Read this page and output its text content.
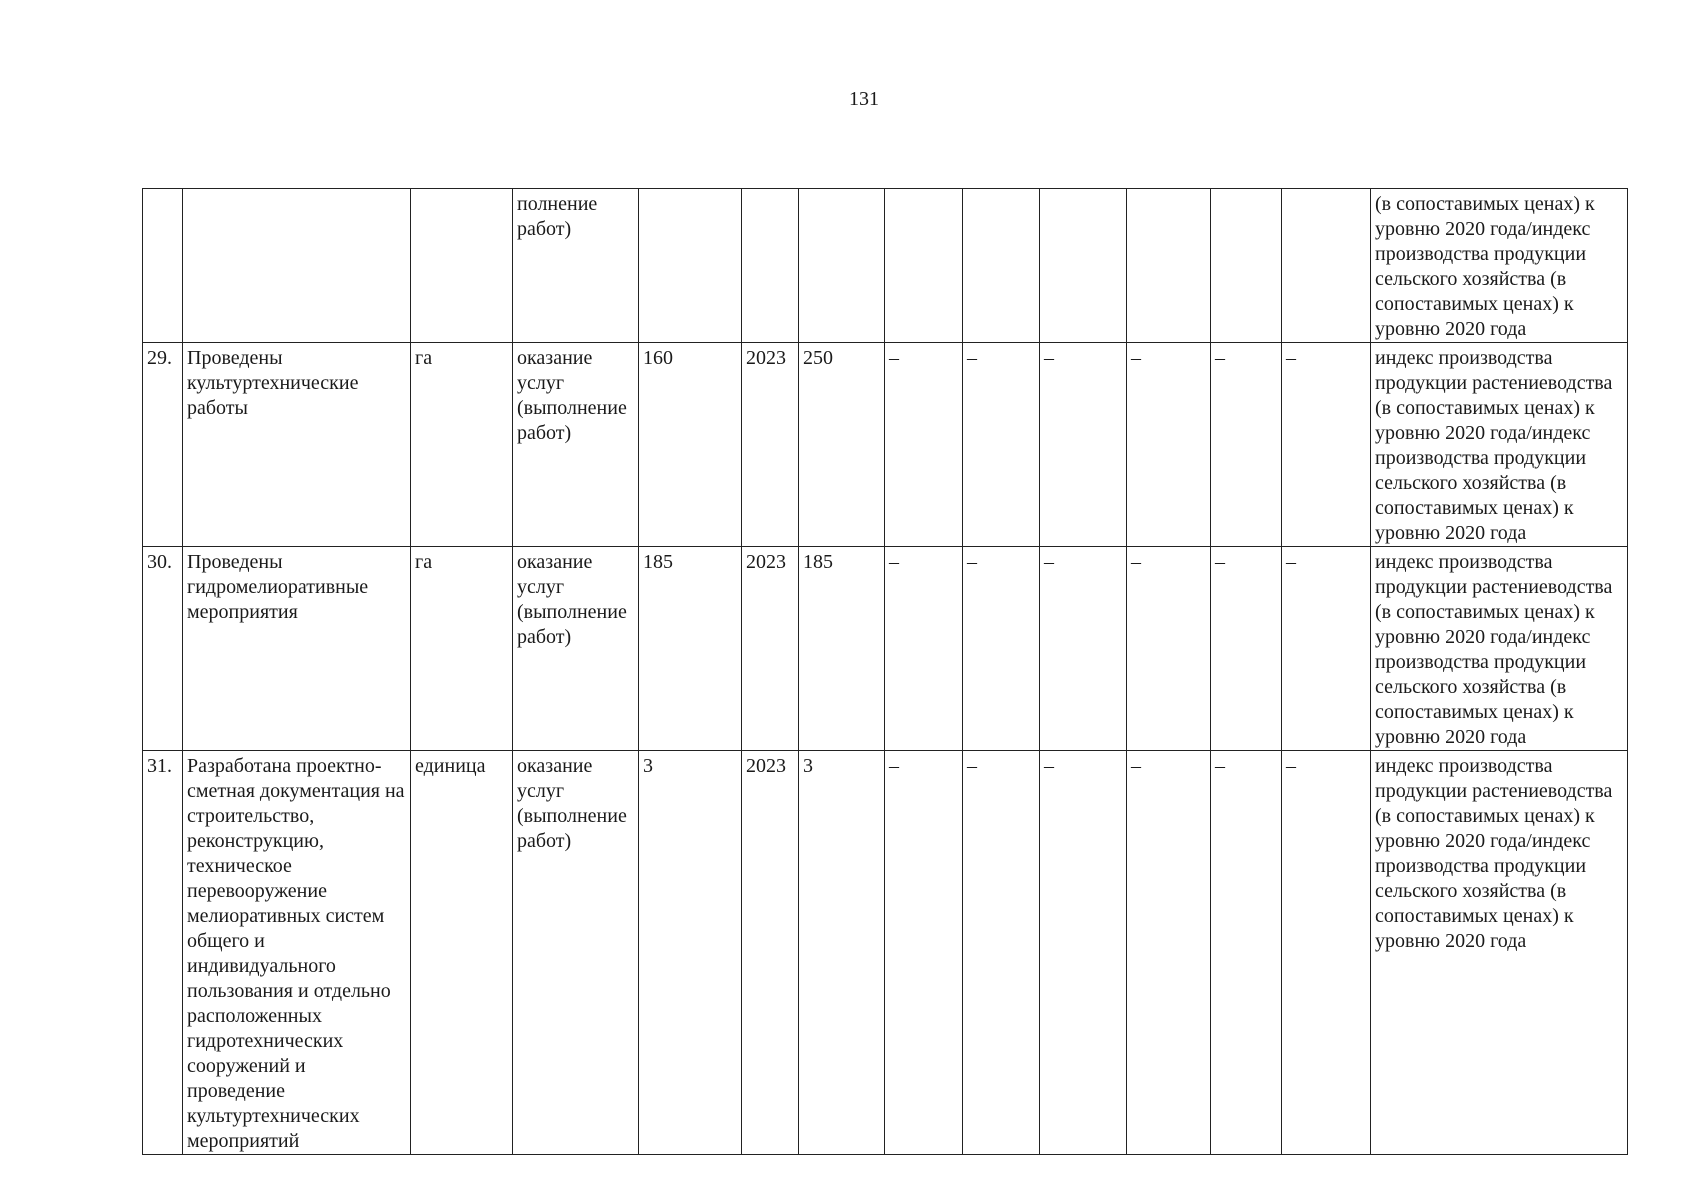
131
			полнение работ)										(в сопоставимых ценах) к уровню 2020 года/индекс производства продукции сельского хозяйства (в сопоставимых ценах) к уровню 2020 года
29.	Проведены культуртехнические работы	га	оказание услуг (выполнение работ)	160	2023	250	–	–	–	–	–	–	индекс производства продукции растениеводства (в сопоставимых ценах) к уровню 2020 года/индекс производства продукции сельского хозяйства (в сопоставимых ценах) к уровню 2020 года
30.	Проведены гидромелиоративные мероприятия	га	оказание услуг (выполнение работ)	185	2023	185	–	–	–	–	–	–	индекс производства продукции растениеводства (в сопоставимых ценах) к уровню 2020 года/индекс производства продукции сельского хозяйства (в сопоставимых ценах) к уровню 2020 года
31.	Разработана проектно-сметная документация на строительство, реконструкцию, техническое перевооружение мелиоративных систем общего и индивидуального пользования и отдельно расположенных гидротехнических сооружений и проведение культуртехнических мероприятий	единица	оказание услуг (выполнение работ)	3	2023	3	–	–	–	–	–	–	индекс производства продукции растениеводства (в сопоставимых ценах) к уровню 2020 года/индекс производства продукции сельского хозяйства (в сопоставимых ценах) к уровню 2020 года
